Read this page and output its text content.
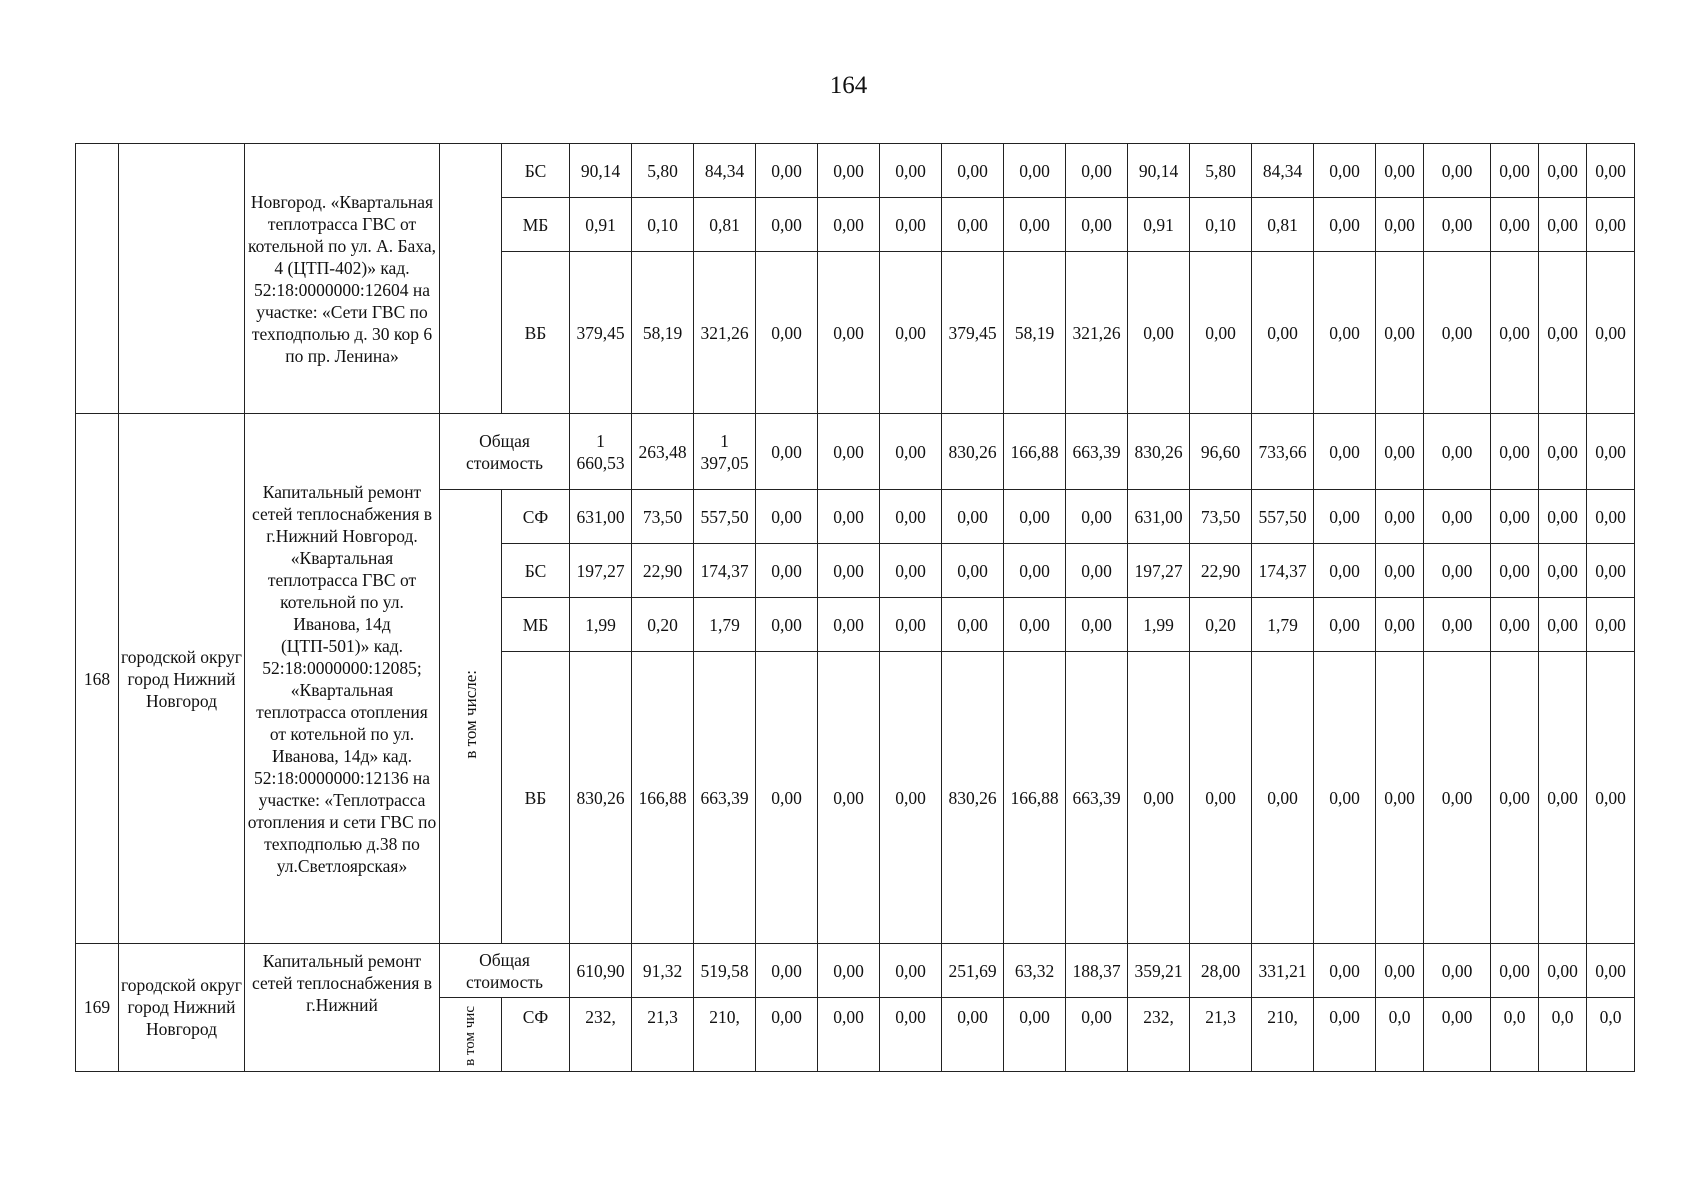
164
		Новгород. «Квартальная теплотрасса ГВС от котельной по ул. А. Баха, 4 (ЦТП-402)» кад. 52:18:0000000:12604 на участке: «Сети ГВС по техподполью д. 30 кор 6 по пр. Ленина»		БС	90,14	5,80	84,34	0,00	0,00	0,00	0,00	0,00	0,00	90,14	5,80	84,34	0,00	0,00	0,00	0,00	0,00	0,00
				МБ	0,91	0,10	0,81	0,00	0,00	0,00	0,00	0,00	0,00	0,91	0,10	0,81	0,00	0,00	0,00	0,00	0,00	0,00
				ВБ	379,45	58,19	321,26	0,00	0,00	0,00	379,45	58,19	321,26	0,00	0,00	0,00	0,00	0,00	0,00	0,00	0,00	0,00
168	городской округ город Нижний Новгород	Капитальный ремонт сетей теплоснабжения в г.Нижний Новгород. «Квартальная теплотрасса ГВС от котельной по ул. Иванова, 14д (ЦТП-501)» кад. 52:18:0000000:12085; «Квартальная теплотрасса отопления от котельной по ул. Иванова, 14д» кад. 52:18:0000000:12136 на участке: «Теплотрасса отопления и сети ГВС по техподполью д.38 по ул.Светлоярская»	Общая стоимость		1 660,53	263,48	1 397,05	0,00	0,00	0,00	830,26	166,88	663,39	830,26	96,60	733,66	0,00	0,00	0,00	0,00	0,00	0,00
			в том числе:	СФ	631,00	73,50	557,50	0,00	0,00	0,00	0,00	0,00	0,00	631,00	73,50	557,50	0,00	0,00	0,00	0,00	0,00	0,00
				БС	197,27	22,90	174,37	0,00	0,00	0,00	0,00	0,00	0,00	197,27	22,90	174,37	0,00	0,00	0,00	0,00	0,00	0,00
				МБ	1,99	0,20	1,79	0,00	0,00	0,00	0,00	0,00	0,00	1,99	0,20	1,79	0,00	0,00	0,00	0,00	0,00	0,00
				ВБ	830,26	166,88	663,39	0,00	0,00	0,00	830,26	166,88	663,39	0,00	0,00	0,00	0,00	0,00	0,00	0,00	0,00	0,00
169	городской округ город Нижний Новгород	Капитальный ремонт сетей теплоснабжения в г.Нижний	Общая стоимость		610,90	91,32	519,58	0,00	0,00	0,00	251,69	63,32	188,37	359,21	28,00	331,21	0,00	0,00	0,00	0,00	0,00	0,00
			в том чис	СФ	232,	21,3	210,	0,00	0,00	0,00	0,00	0,00	0,00	232,	21,3	210,	0,00	0,0	0,00	0,0	0,0	0,0
